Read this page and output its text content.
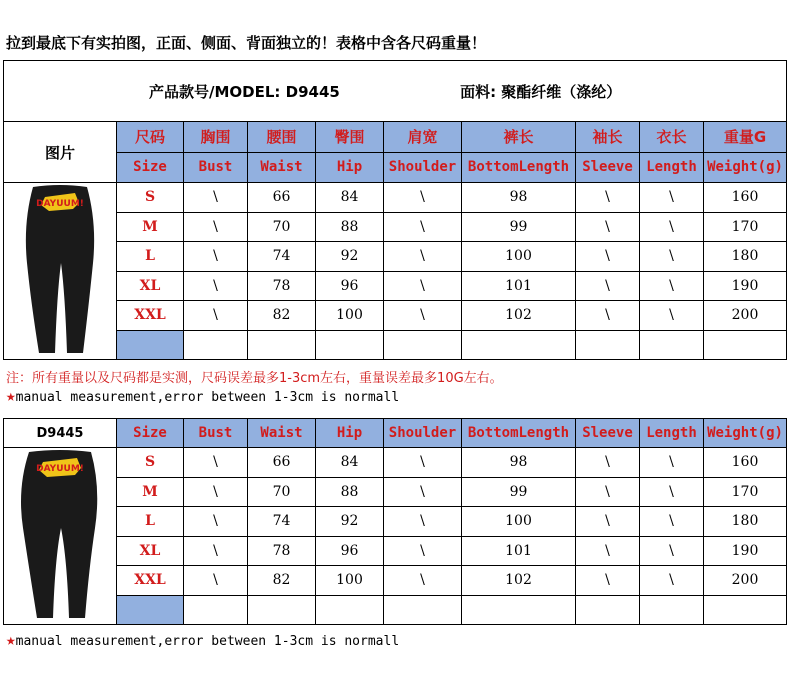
拉到最底下有实拍图，正面、侧面、背面独立的！表格中含各尺码重量！
产品款号/MODEL: D9445 面料: 聚酯纤维（涤纶）									
图片	尺码	胸围	腰围	臀围	肩宽	裤长	袖长	衣长	重量G
	Size	Bust	Waist	Hip	Shoulder	BottomLength	Sleeve	Length	Weight(g)

DAYUUM!	S	\	66	84	\	98	\	\	160
	M	\	70	88	\	99	\	\	170
	L	\	74	92	\	100	\	\	180
	XL	\	78	96	\	101	\	\	190
	XXL	\	82	100	\	102	\	\	200

注：所有重量以及尺码都是实测，尺码误差最多1-3cm左右，重量误差最多10G左右。
★manual measurement,error between 1-3cm is normall
D9445	Size	Bust	Waist	Hip	Shoulder	BottomLength	Sleeve	Length	Weight(g)

DAYUUM!	S	\	66	84	\	98	\	\	160
	M	\	70	88	\	99	\	\	170
	L	\	74	92	\	100	\	\	180
	XL	\	78	96	\	101	\	\	190
	XXL	\	82	100	\	102	\	\	200

★manual measurement,error between 1-3cm is normall
